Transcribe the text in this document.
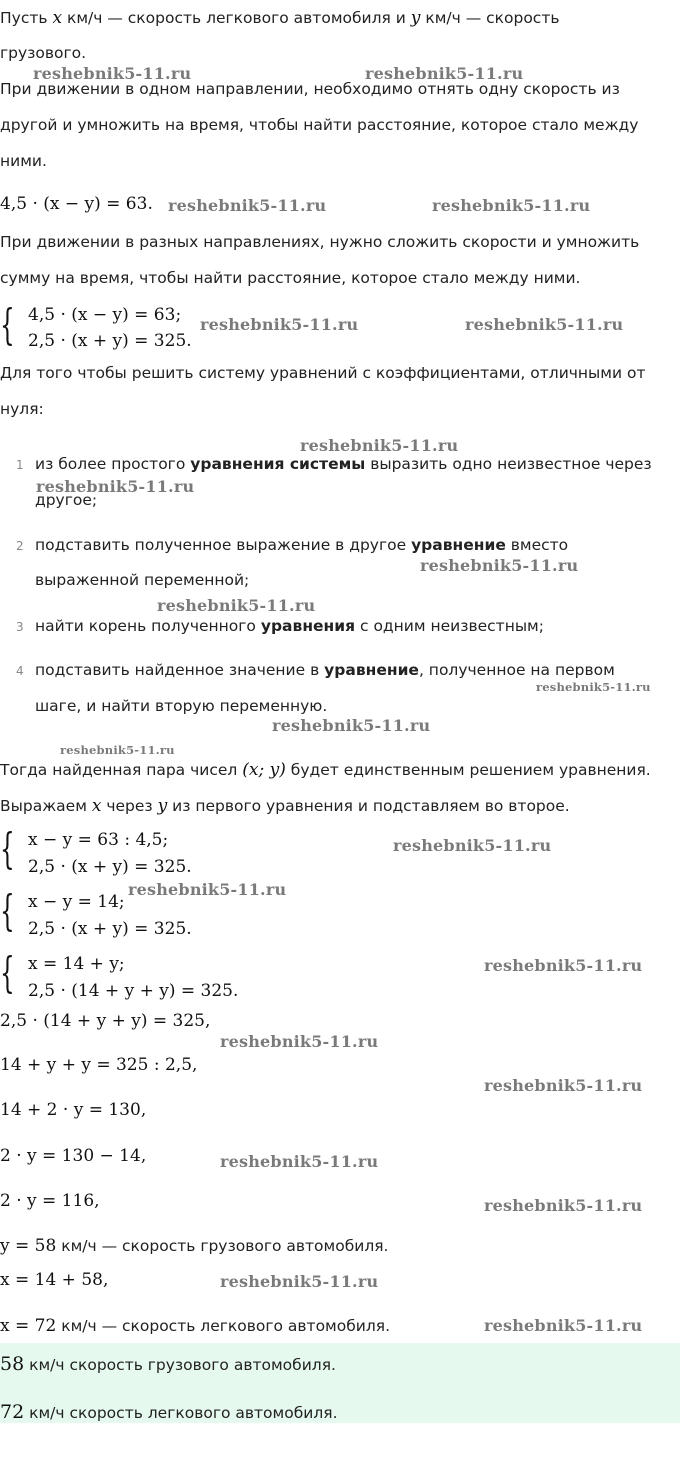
Пусть x км/ч — скорость легкового автомобиля и y км/ч — скорость
грузового.
При движении в одном направлении, необходимо отнять одну скорость из
другой и умножить на время, чтобы найти расстояние, которое стало между
ними.
4,5 · (x − y) = 63.
При движении в разных направлениях, нужно сложить скорости и умножить
сумму на время, чтобы найти расстояние, которое стало между ними.
{ 4,5 · (x − y) = 63;
2,5 · (x + y) = 325.
Для того чтобы решить систему уравнений с коэффициентами, отличными от
нуля:
1 из более простого уравнения системы выразить одно неизвестное через
другое;
2 подставить полученное выражение в другое уравнение вместо
выраженной переменной;
3 найти корень полученного уравнения с одним неизвестным;
4 подставить найденное значение в уравнение, полученное на первом
шаге, и найти вторую переменную.
Тогда найденная пара чисел (x; y) будет единственным решением уравнения.
Выражаем x через y из первого уравнения и подставляем во второе.
{ x − y = 63 : 4,5;
2,5 · (x + y) = 325.
{ x − y = 14;
2,5 · (x + y) = 325.
{ x = 14 + y;
2,5 · (14 + y + y) = 325.
2,5 · (14 + y + y) = 325,
14 + y + y = 325 : 2,5,
14 + 2 · y = 130,
2 · y = 130 − 14,
2 · y = 116,
y = 58 км/ч — скорость грузового автомобиля.
x = 14 + 58,
x = 72 км/ч — скорость легкового автомобиля.
58 км/ч скорость грузового автомобиля.
72 км/ч скорость легкового автомобиля.
reshebnik5-11.ru	reshebnik5-11.ru
reshebnik5-11.ru	reshebnik5-11.ru
reshebnik5-11.ru	reshebnik5-11.ru
reshebnik5-11.ru
reshebnik5-11.ru
reshebnik5-11.ru
reshebnik5-11.ru
reshebnik5-11.ru
reshebnik5-11.ru
reshebnik5-11.ru
reshebnik5-11.ru
reshebnik5-11.ru
reshebnik5-11.ru
reshebnik5-11.ru
reshebnik5-11.ru
reshebnik5-11.ru
reshebnik5-11.ru
reshebnik5-11.ru
reshebnik5-11.ru
